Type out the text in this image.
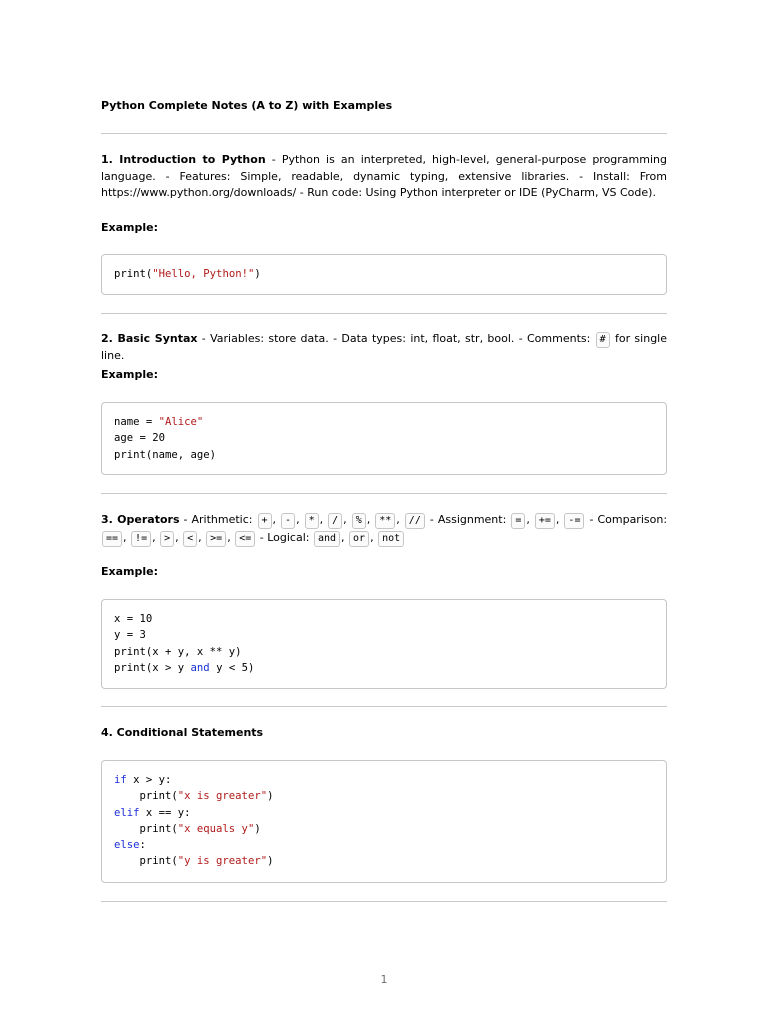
Python Complete Notes (A to Z) with Examples
1. Introduction to Python - Python is an interpreted, high-level, general-purpose programming language. - Features: Simple, readable, dynamic typing, extensive libraries. - Install: From https://www.python.org/downloads/ - Run code: Using Python interpreter or IDE (PyCharm, VS Code).
Example:
print("Hello, Python!")
2. Basic Syntax - Variables: store data. - Data types: int, float, str, bool. - Comments: # for single line.
Example:
name = "Alice"
age = 20
print(name, age)
3. Operators - Arithmetic: + , - , * , / , % , ** , // - Assignment: = , += , -= - Comparison: == , != , > , < , >= , <= - Logical: and , or , not
Example:
x = 10
y = 3
print(x + y, x ** y)
print(x > y and y < 5)
4. Conditional Statements
if x > y:
print("x is greater")
elif x == y:
print("x equals y")
else:
print("y is greater")
1
